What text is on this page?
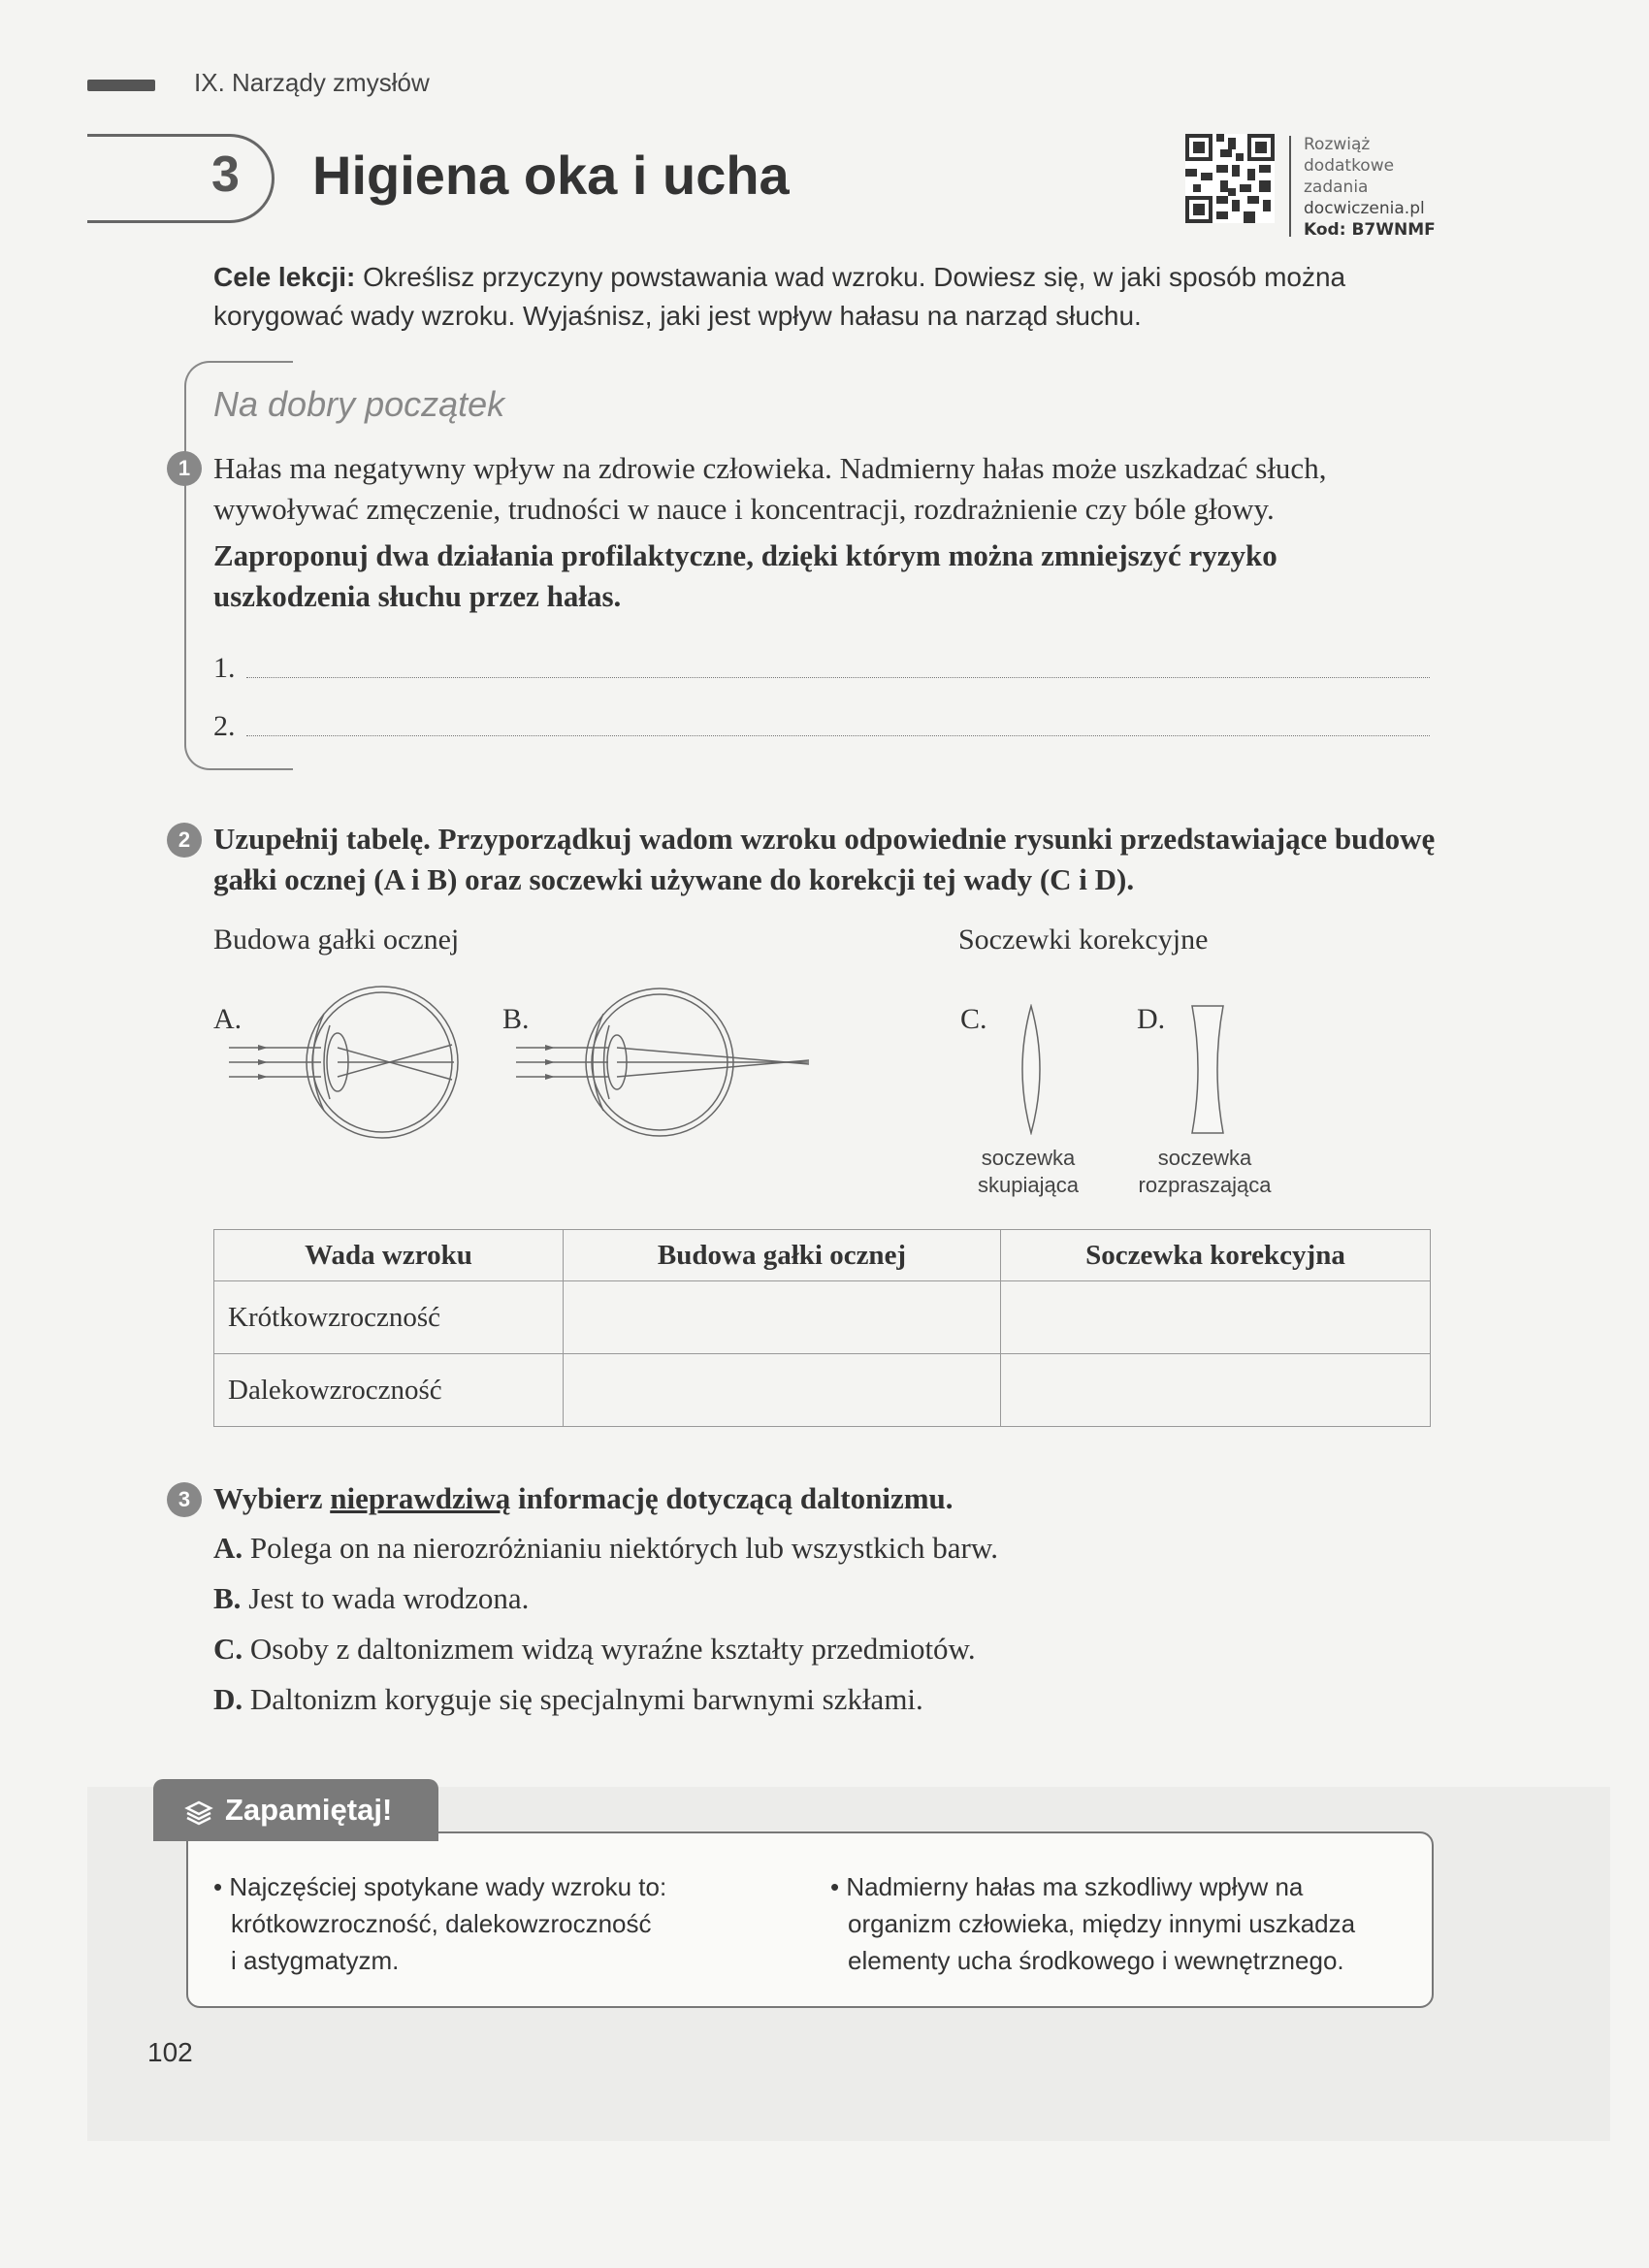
IX. Narządy zmysłów
3 Higiena oka i ucha	Rozwiąż
dodatkowe
zadania
docwiczenia.pl
Kod: B7WNMF
Cele lekcji: Określisz przyczyny powstawania wad wzroku. Dowiesz się, w jaki sposób można korygować wady wzroku. Wyjaśnisz, jaki jest wpływ hałasu na narząd słuchu.
Na dobry początek
1 Hałas ma negatywny wpływ na zdrowie człowieka. Nadmierny hałas może uszkadzać słuch, wywoływać zmęczenie, trudności w nauce i koncentracji, rozdrażnienie czy bóle głowy.
Zaproponuj dwa działania profilaktyczne, dzięki którym można zmniejszyć ryzyko uszkodzenia słuchu przez hałas.
1.
2.
2 Uzupełnij tabelę. Przyporządkuj wadom wzroku odpowiednie rysunki przedstawiające budowę gałki ocznej (A i B) oraz soczewki używane do korekcji tej wady (C i D).
Budowa gałki ocznej	Soczewki korekcyjne
A.	B.	C.
soczewka
skupiająca
D.
soczewka
rozpraszająca
Wada wzroku	Budowa gałki ocznej	Soczewka korekcyjna
Krótkowzroczność		
Dalekowzroczność		
3 Wybierz nieprawdziwą informację dotyczącą daltonizmu.
A. Polega on na nierozróżnianiu niektórych lub wszystkich barw.
B. Jest to wada wrodzona.
C. Osoby z daltonizmem widzą wyraźne kształty przedmiotów.
D. Daltonizm koryguje się specjalnymi barwnymi szkłami.
Zapamiętaj!
• Najczęściej spotykane wady wzroku to:
krótkowzroczność, dalekowzroczność
i astygmatyzm.
• Nadmierny hałas ma szkodliwy wpływ na
organizm człowieka, między innymi uszkadza
elementy ucha środkowego i wewnętrznego.
102
